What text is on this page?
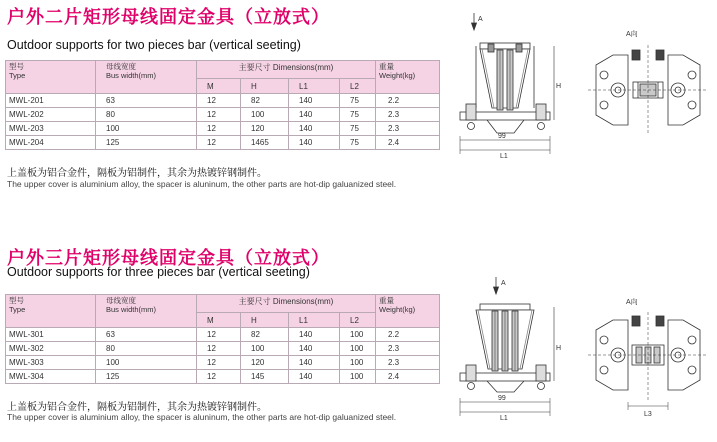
户外二片矩形母线固定金具（立放式）
Outdoor supports for two pieces bar (vertical seeting)
型号
Type	母线宽度
Bus width(mm)	主要尺寸 Dimensions(mm)				重量
Weight(kg)

		M	H	L1	L2	
MWL-201	63	12	82	140	75	2.2
MWL-202	80	12	100	140	75	2.3
MWL-203	100	12	120	140	75	2.3
MWL-204	125	12	1465	140	75	2.4
上盖板为铝合金件，隔板为铝制件，其余为热镀锌钢制件。
The upper cover is aluminium alloy, the spacer is aluninum, the other parts are hot-dip galuanized steel.
A
H
99
L1
A向
户外三片矩形母线固定金具（立放式）
Outdoor supports for three pieces bar (vertical seeting)
型号
Type	母线宽度
Bus width(mm)	主要尺寸 Dimensions(mm)				重量
Weight(kg)

		M	H	L1	L2	
MWL-301	63	12	82	140	100	2.2
MWL-302	80	12	100	140	100	2.3
MWL-303	100	12	120	140	100	2.3
MWL-304	125	12	145	140	100	2.4
上盖板为铝合金件，隔板为铝制件，其余为热镀锌钢制件。
The upper cover is aluminium alloy, the spacer is aluninum, the other parts are hot-dip galuanized steel.
A
H
99
L1
A向
L3
